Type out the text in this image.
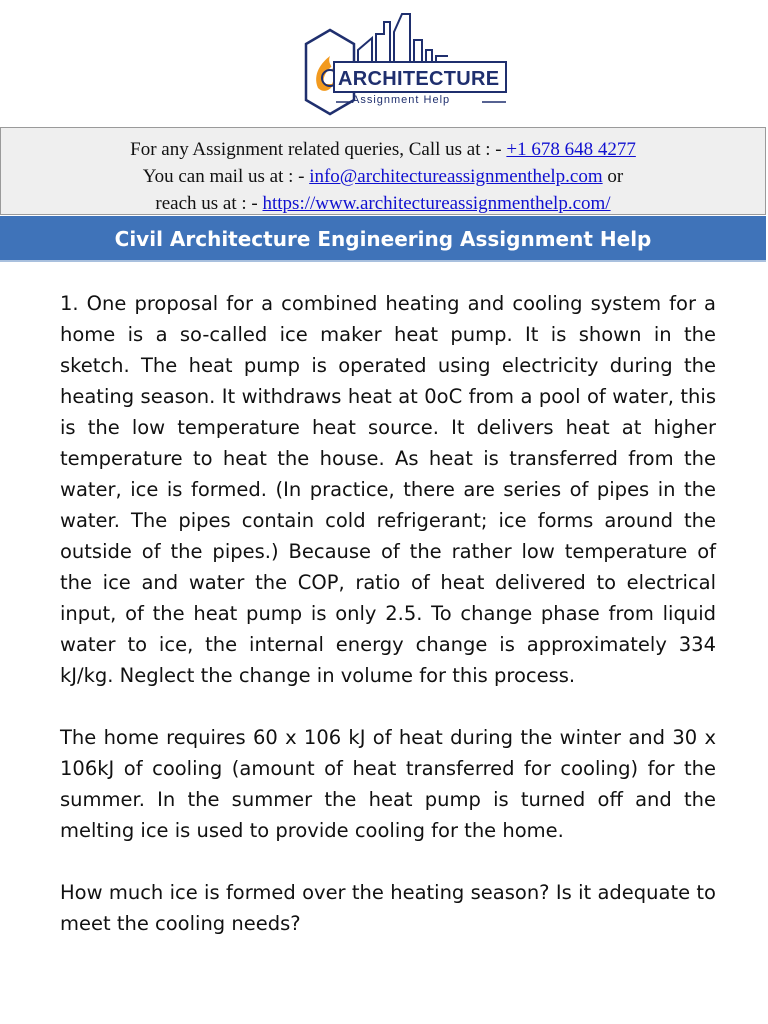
ARCHITECTURE
Assignment Help
For any Assignment related queries, Call us at : - +1 678 648 4277
You can mail us at : - info@architectureassignmenthelp.com or
reach us at : - https://www.architectureassignmenthelp.com/
Civil Architecture Engineering Assignment Help

1. One proposal for a combined heating and cooling system for a home is a so-called ice maker heat pump. It is shown in the sketch. The heat pump is operated using electricity during the heating season. It withdraws heat at 0oC from a pool of water, this is the low temperature heat source. It delivers heat at higher temperature to heat the house. As heat is transferred from the water, ice is formed. (In practice, there are series of pipes in the water. The pipes contain cold refrigerant; ice forms around the outside of the pipes.) Because of the rather low temperature of the ice and water the COP, ratio of heat delivered to electrical input, of the heat pump is only 2.5. To change phase from liquid water to ice, the internal energy change is approximately 334 kJ/kg. Neglect the change in volume for this process.

The home requires 60 x 106 kJ of heat during the winter and 30 x 106kJ of cooling (amount of heat transferred for cooling) for the summer. In the summer the heat pump is turned off and the melting ice is used to provide cooling for the home.

How much ice is formed over the heating season? Is it adequate to meet the cooling needs?
